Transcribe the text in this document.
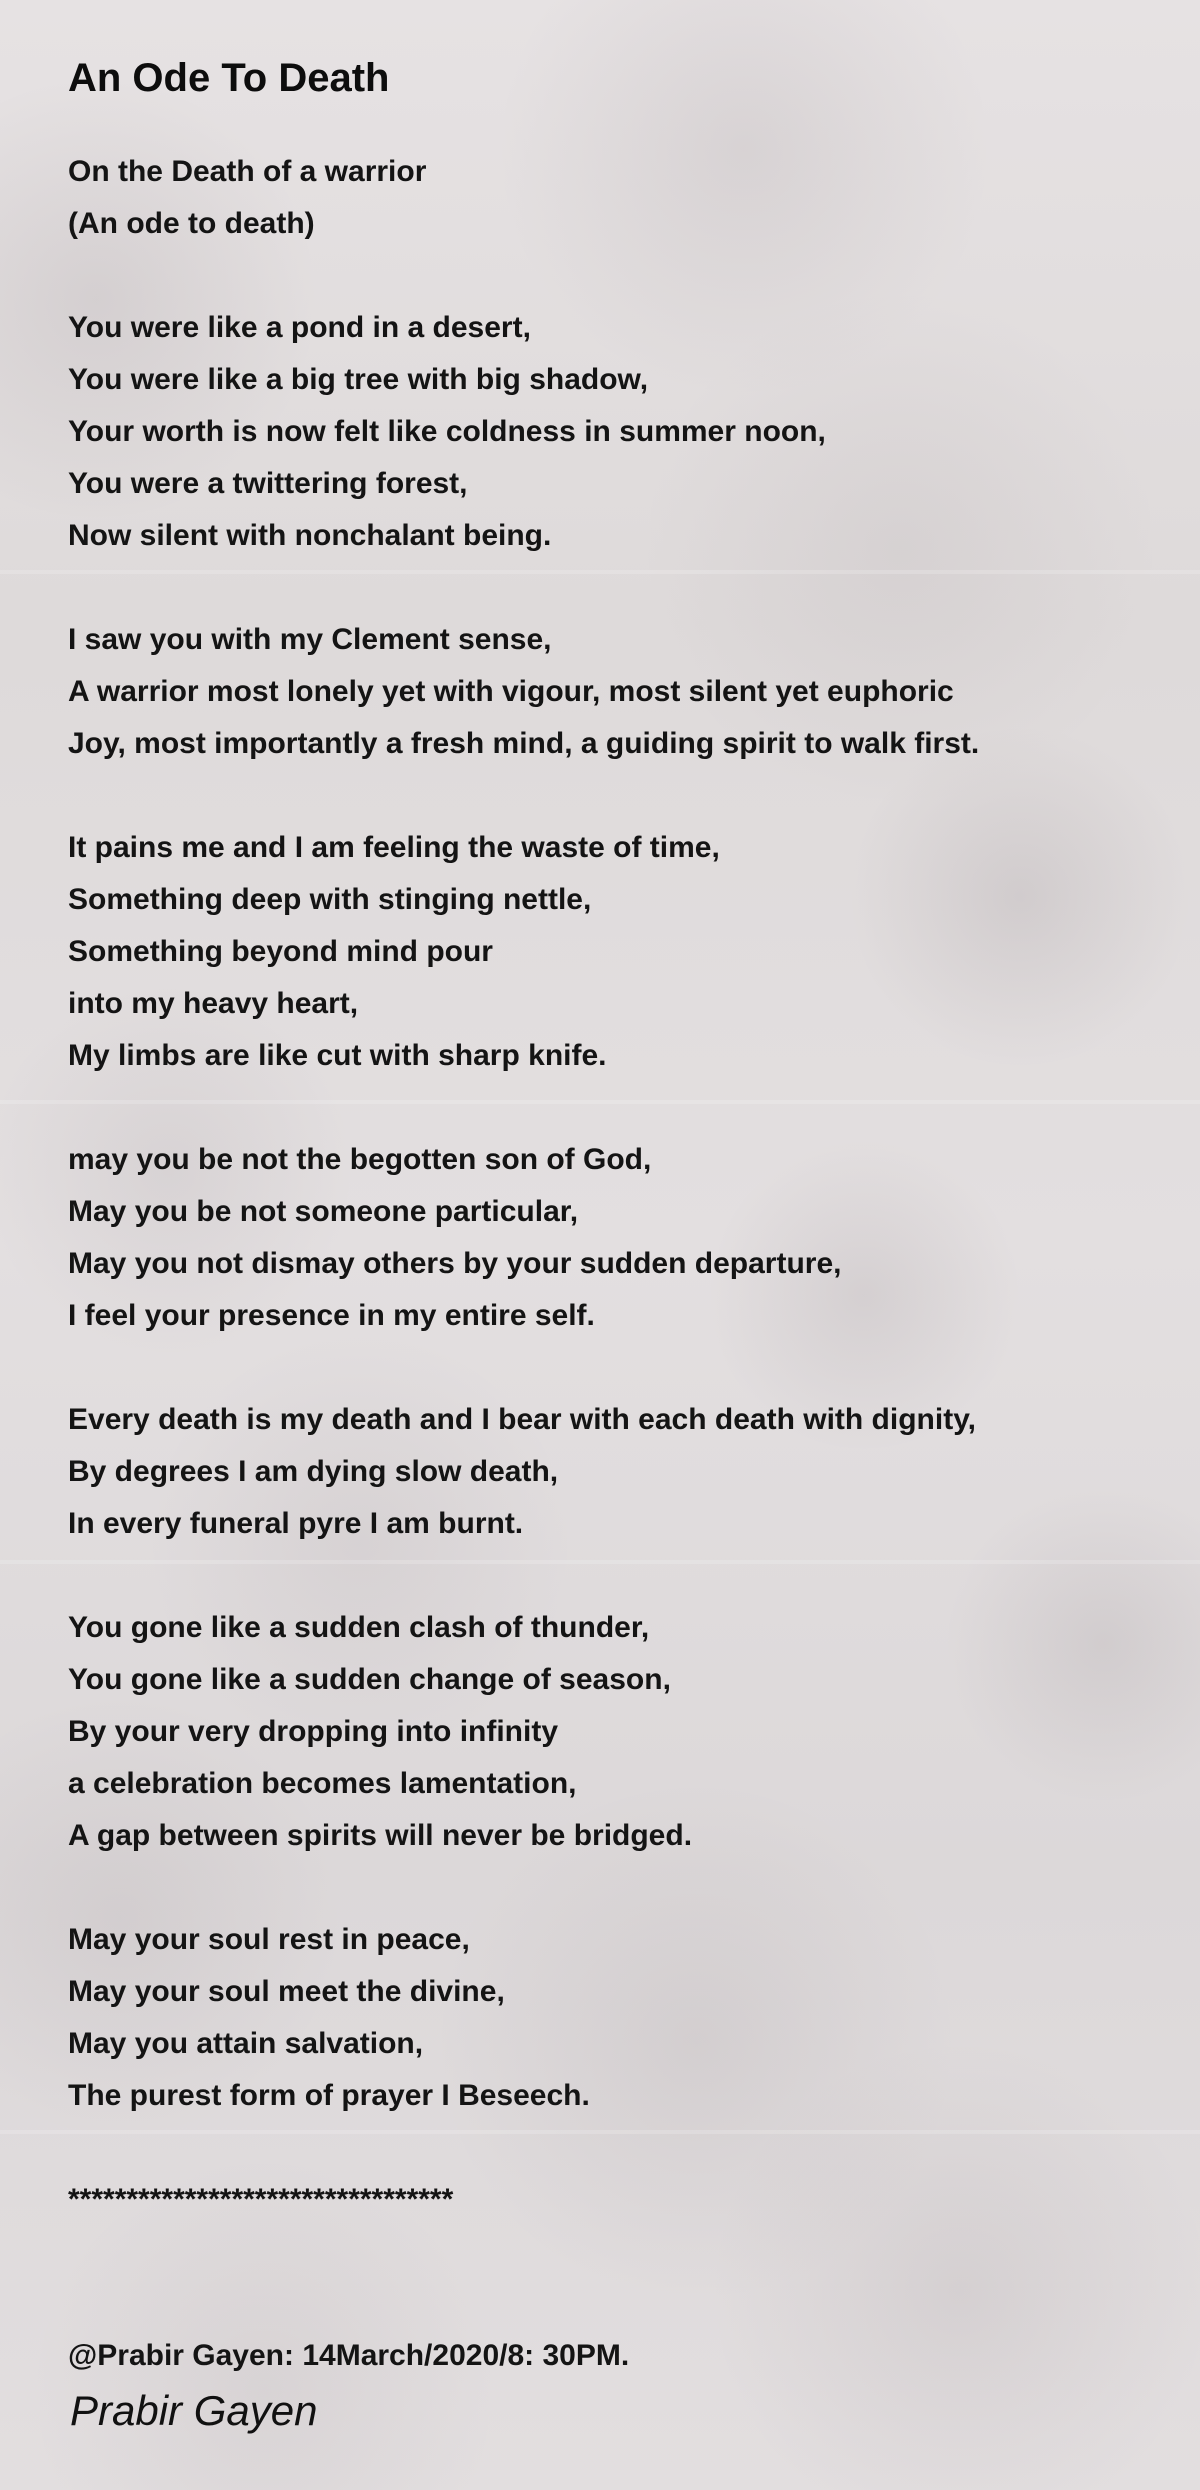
An Ode To Death
On the Death of a warrior
(An ode to death)
You were like a pond in a desert,
You were like a big tree with big shadow,
Your worth is now felt like coldness in summer noon,
You were a twittering forest,
Now silent with nonchalant being.
I saw you with my Clement sense,
A warrior most lonely yet with vigour, most silent yet euphoric
Joy, most importantly a fresh mind, a guiding spirit to walk first.
It pains me and I am feeling the waste of time,
Something deep with stinging nettle,
Something beyond mind pour
into my heavy heart,
My limbs are like cut with sharp knife.
may you be not the begotten son of God,
May you be not someone particular,
May you not dismay others by your sudden departure,
I feel your presence in my entire self.
Every death is my death and I bear with each death with dignity,
By degrees I am dying slow death,
In every funeral pyre I am burnt.
You gone like a sudden clash of thunder,
You gone like a sudden change of season,
By your very dropping into infinity
a celebration becomes lamentation,
A gap between spirits will never be bridged.
May your soul rest in peace,
May your soul meet the divine,
May you attain salvation,
The purest form of prayer I Beseech.
*********************************
@Prabir Gayen: 14March/2020/8: 30PM.
Prabir Gayen
